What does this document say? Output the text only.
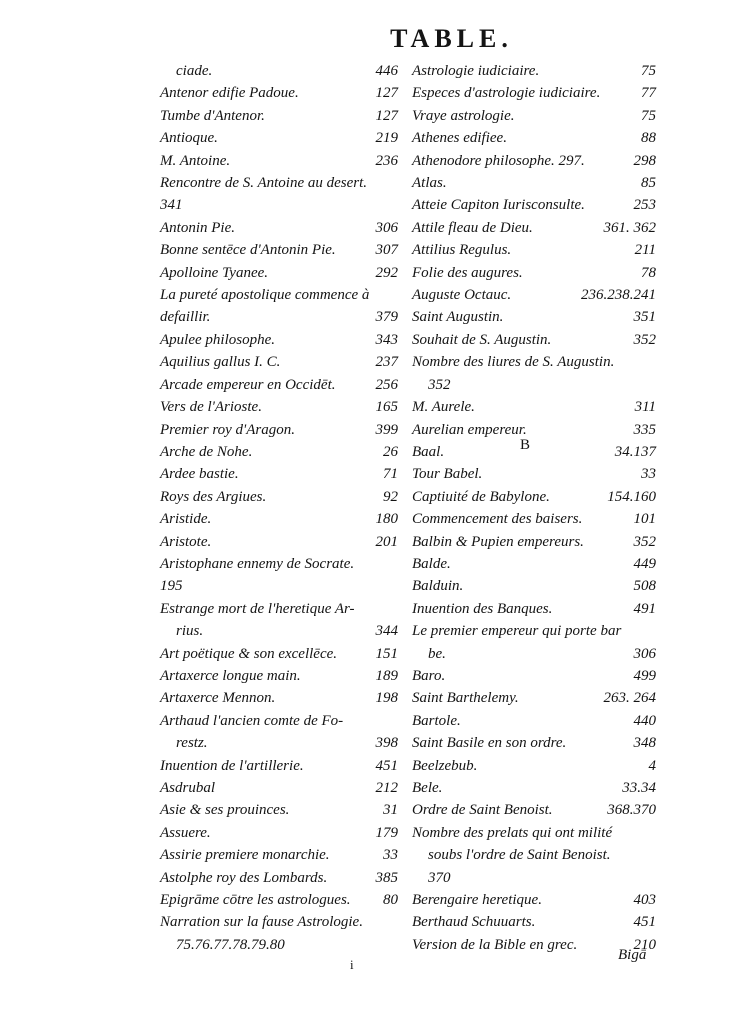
TABLE.
ciade.	446
Antenor edifie Padoue.	127
Tumbe d'Antenor.	127
Antioque.	219
M. Antoine.	236
Rencontre de S. Antoine au desert.
341
Antonin Pie.	306
Bonne sentēce d'Antonin Pie.	307
Apolloine Tyanee.	292
La pureté apostolique commence à
defaillir.	379
Apulee philosophe.	343
Aquilius gallus I. C.	237
Arcade empereur en Occidēt.	256
Vers de l'Arioste.	165
Premier roy d'Aragon.	399
Arche de Nohe.	26
Ardee bastie.	71
Roys des Argiues.	92
Aristide.	180
Aristote.	201
Aristophane ennemy de Socrate.
195
Estrange mort de l'heretique Ar-
rius.	344
Art poëtique & son excellēce.	151
Artaxerce longue main.	189
Artaxerce Mennon.	198
Arthaud l'ancien comte de Fo-
restz.	398
Inuention de l'artillerie.	451
Asdrubal	212
Asie & ses prouinces.	31
Assuere.	179
Assirie premiere monarchie.	33
Astolphe roy des Lombards.	385
Epigrāme cōtre les astrologues.	80
Narration sur la fause Astrologie.
75.76.77.78.79.80
Astrologie iudiciaire.	75
Especes d'astrologie iudiciaire.	77
Vraye astrologie.	75
Athenes edifiee.	88
Athenodore philosophe. 297.	298
Atlas.	85
Atteie Capiton Iurisconsulte.	253
Attile fleau de Dieu.	361. 362
Attilius Regulus.	211
Folie des augures.	78
Auguste Octauc.	236.238.241
Saint Augustin.	351
Souhait de S. Augustin.	352
Nombre des liures de S. Augustin.
352
M. Aurele.	311
Aurelian empereur.	335
Baal.	34.137
Tour Babel.	33
Captiuité de Babylone.	154.160
Commencement des baisers.	101
Balbin & Pupien empereurs.	352
Balde.	449
Balduin.	508
Inuention des Banques.	491
Le premier empereur qui porte bar
be.	306
Baro.	499
Saint Barthelemy.	263. 264
Bartole.	440
Saint Basile en son ordre.	348
Beelzebub.	4
Bele.	33.34
Ordre de Saint Benoist.	368.370
Nombre des prelats qui ont milité
soubs l'ordre de Saint Benoist.
370
Berengaire heretique.	403
Berthaud Schuuarts.	451
Version de la Bible en grec.	210
B
i
Bigā
